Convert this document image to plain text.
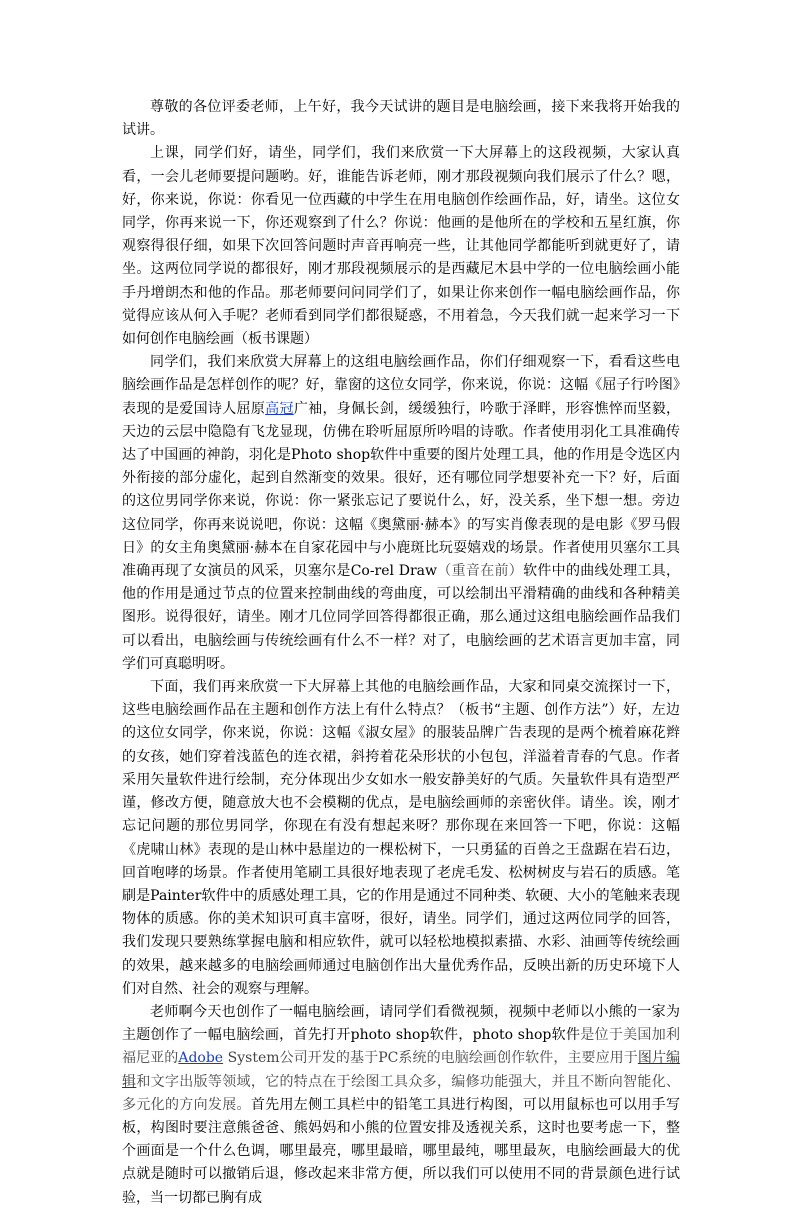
尊敬的各位评委老师，上午好，我今天试讲的题目是电脑绘画，接下来我将开始我的试讲。

上课，同学们好，请坐，同学们，我们来欣赏一下大屏幕上的这段视频，大家认真看，一会儿老师要提问题哟。好，谁能告诉老师，刚才那段视频向我们展示了什么？嗯，好，你来说，你说：你看见一位西藏的中学生在用电脑创作绘画作品，好，请坐。这位女同学，你再来说一下，你还观察到了什么？你说：他画的是他所在的学校和五星红旗，你观察得很仔细，如果下次回答问题时声音再响亮一些，让其他同学都能听到就更好了，请坐。这两位同学说的都很好，刚才那段视频展示的是西藏尼木县中学的一位电脑绘画小能手丹增朗杰和他的作品。那老师要问问同学们了，如果让你来创作一幅电脑绘画作品，你觉得应该从何入手呢？老师看到同学们都很疑惑，不用着急，今天我们就一起来学习一下如何创作电脑绘画（板书课题）

同学们，我们来欣赏大屏幕上的这组电脑绘画作品，你们仔细观察一下，看看这些电脑绘画作品是怎样创作的呢？好，靠窗的这位女同学，你来说，你说：这幅《屈子行吟图》表现的是爱国诗人屈原高冠广袖，身佩长剑，缓缓独行，吟歌于泽畔，形容憔悴而坚毅，天边的云层中隐隐有飞龙显现，仿佛在聆听屈原所吟唱的诗歌。作者使用羽化工具准确传达了中国画的神韵，羽化是Photo shop软件中重要的图片处理工具，他的作用是令选区内外衔接的部分虚化，起到自然渐变的效果。很好，还有哪位同学想要补充一下？好，后面的这位男同学你来说，你说：你一紧张忘记了要说什么，好，没关系，坐下想一想。旁边这位同学，你再来说说吧，你说：这幅《奥黛丽·赫本》的写实肖像表现的是电影《罗马假日》的女主角奥黛丽·赫本在自家花园中与小鹿斑比玩耍嬉戏的场景。作者使用贝塞尔工具准确再现了女演员的风采，贝塞尔是Co-rel Draw（重音在前）软件中的曲线处理工具，他的作用是通过节点的位置来控制曲线的弯曲度，可以绘制出平滑精确的曲线和各种精美图形。说得很好，请坐。刚才几位同学回答得都很正确，那么通过这组电脑绘画作品我们可以看出，电脑绘画与传统绘画有什么不一样？对了，电脑绘画的艺术语言更加丰富，同学们可真聪明呀。

下面，我们再来欣赏一下大屏幕上其他的电脑绘画作品，大家和同桌交流探讨一下，这些电脑绘画作品在主题和创作方法上有什么特点？（板书“主题、创作方法”）好，左边的这位女同学，你来说，你说：这幅《淑女屋》的服装品牌广告表现的是两个梳着麻花辫的女孩，她们穿着浅蓝色的连衣裙，斜挎着花朵形状的小包包，洋溢着青春的气息。作者采用矢量软件进行绘制，充分体现出少女如水一般安静美好的气质。矢量软件具有造型严谨，修改方便，随意放大也不会模糊的优点，是电脑绘画师的亲密伙伴。请坐。诶，刚才忘记问题的那位男同学，你现在有没有想起来呀？那你现在来回答一下吧，你说：这幅《虎啸山林》表现的是山林中悬崖边的一棵松树下，一只勇猛的百兽之王盘踞在岩石边，回首咆哮的场景。作者使用笔刷工具很好地表现了老虎毛发、松树树皮与岩石的质感。笔刷是Painter软件中的质感处理工具，它的作用是通过不同种类、软硬、大小的笔触来表现物体的质感。你的美术知识可真丰富呀，很好，请坐。同学们，通过这两位同学的回答，我们发现只要熟练掌握电脑和相应软件，就可以轻松地模拟素描、水彩、油画等传统绘画的效果，越来越多的电脑绘画师通过电脑创作出大量优秀作品，反映出新的历史环境下人们对自然、社会的观察与理解。

老师啊今天也创作了一幅电脑绘画，请同学们看微视频，视频中老师以小熊的一家为主题创作了一幅电脑绘画，首先打开photo shop软件，photo shop软件是位于美国加利福尼亚的Adobe System公司开发的基于PC系统的电脑绘画创作软件，主要应用于图片编辑和文字出版等领域，它的特点在于绘图工具众多，编修功能强大，并且不断向智能化、多元化的方向发展。首先用左侧工具栏中的铅笔工具进行构图，可以用鼠标也可以用手写板，构图时要注意熊爸爸、熊妈妈和小熊的位置安排及透视关系，这时也要考虑一下，整个画面是一个什么色调，哪里最亮，哪里最暗，哪里最纯，哪里最灰，电脑绘画最大的优点就是随时可以撤销后退，修改起来非常方便，所以我们可以使用不同的背景颜色进行试验，当一切都已胸有成
